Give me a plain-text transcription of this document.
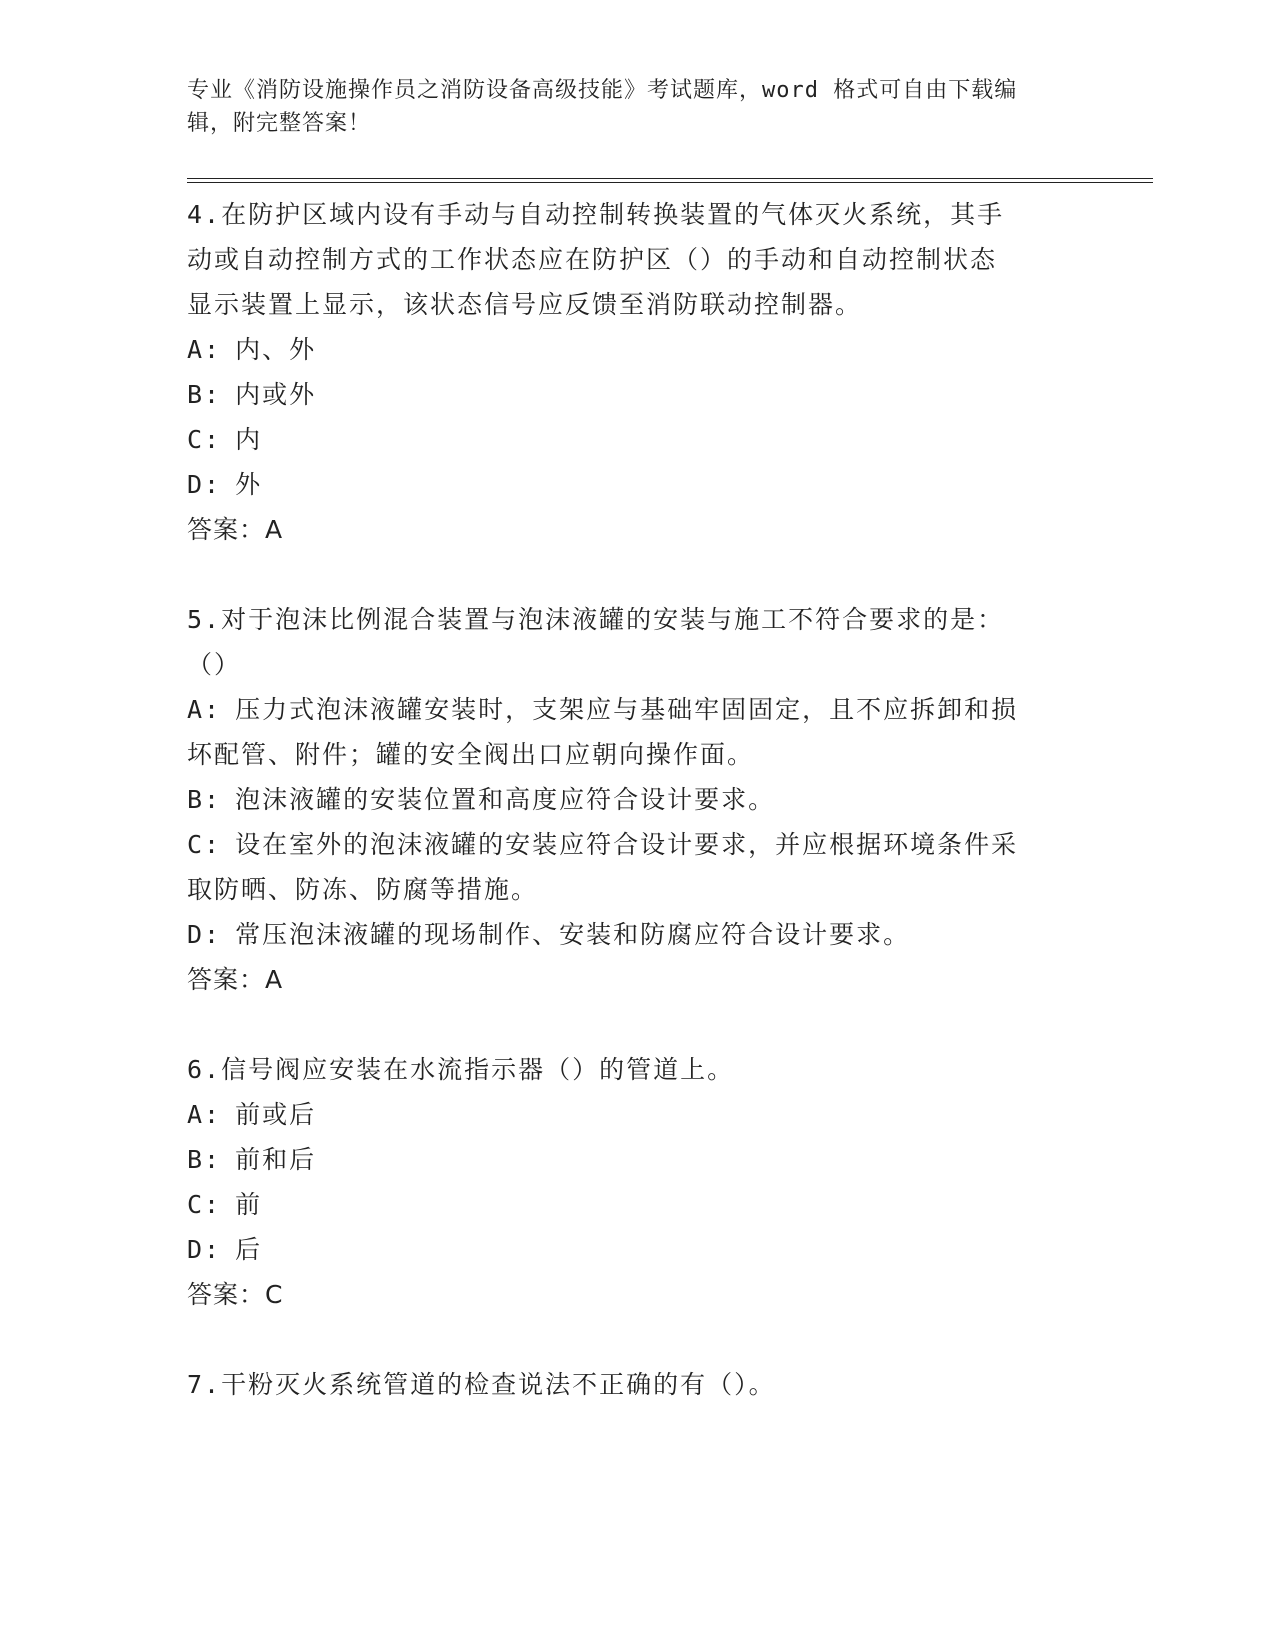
专业《消防设施操作员之消防设备高级技能》考试题库，word 格式可自由下载编
辑，附完整答案！

4.在防护区域内设有手动与自动控制转换装置的气体灭火系统，其手

动或自动控制方式的工作状态应在防护区（）的手动和自动控制状态

显示装置上显示，该状态信号应反馈至消防联动控制器。

A: 内、外

B: 内或外

C: 内

D: 外

答案：A

5.对于泡沫比例混合装置与泡沫液罐的安装与施工不符合要求的是：

（）

A: 压力式泡沫液罐安装时，支架应与基础牢固固定，且不应拆卸和损

坏配管、附件；罐的安全阀出口应朝向操作面。

B: 泡沫液罐的安装位置和高度应符合设计要求。

C: 设在室外的泡沫液罐的安装应符合设计要求，并应根据环境条件采

取防晒、防冻、防腐等措施。

D: 常压泡沫液罐的现场制作、安装和防腐应符合设计要求。

答案：A

6.信号阀应安装在水流指示器（）的管道上。

A: 前或后

B: 前和后

C: 前

D: 后

答案：C

7.干粉灭火系统管道的检查说法不正确的有（）。
